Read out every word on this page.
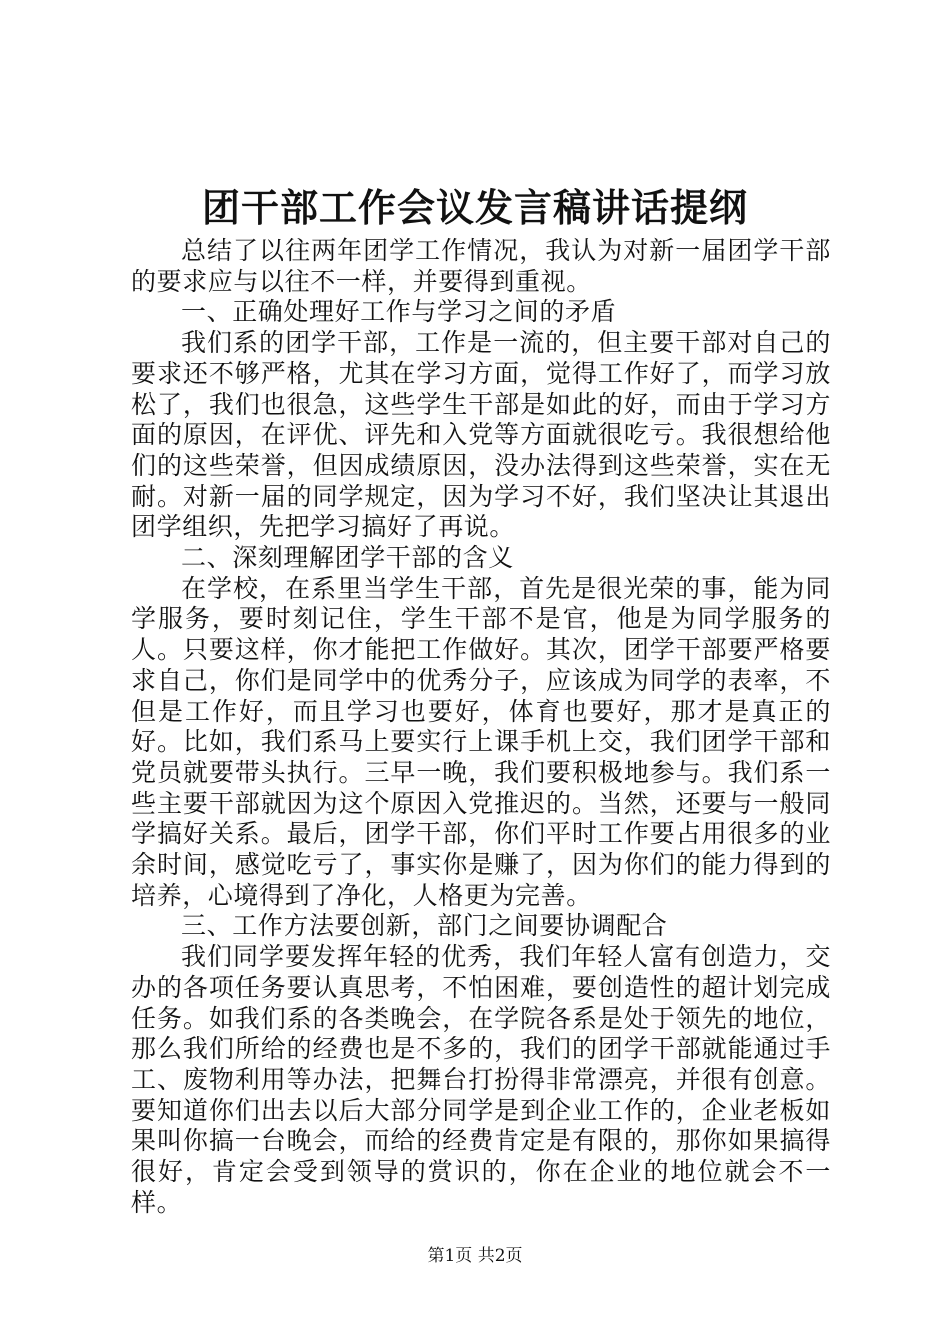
团干部工作会议发言稿讲话提纲

总结了以往两年团学工作情况，我认为对新一届团学干部的要求应与以往不一样，并要得到重视。

一、正确处理好工作与学习之间的矛盾

我们系的团学干部，工作是一流的，但主要干部对自己的要求还不够严格，尤其在学习方面，觉得工作好了，而学习放松了，我们也很急，这些学生干部是如此的好，而由于学习方面的原因，在评优、评先和入党等方面就很吃亏。我很想给他们的这些荣誉，但因成绩原因，没办法得到这些荣誉，实在无耐。对新一届的同学规定，因为学习不好，我们坚决让其退出团学组织，先把学习搞好了再说。

二、深刻理解团学干部的含义

在学校，在系里当学生干部，首先是很光荣的事，能为同学服务，要时刻记住，学生干部不是官，他是为同学服务的人。只要这样，你才能把工作做好。其次，团学干部要严格要求自己，你们是同学中的优秀分子，应该成为同学的表率，不但是工作好，而且学习也要好，体育也要好，那才是真正的好。比如，我们系马上要实行上课手机上交，我们团学干部和党员就要带头执行。三早一晚，我们要积极地参与。我们系一些主要干部就因为这个原因入党推迟的。当然，还要与一般同学搞好关系。最后，团学干部，你们平时工作要占用很多的业余时间，感觉吃亏了，事实你是赚了，因为你们的能力得到的培养，心境得到了净化，人格更为完善。

三、工作方法要创新，部门之间要协调配合

我们同学要发挥年轻的优秀，我们年轻人富有创造力，交办的各项任务要认真思考，不怕困难，要创造性的超计划完成任务。如我们系的各类晚会，在学院各系是处于领先的地位，那么我们所给的经费也是不多的，我们的团学干部就能通过手工、废物利用等办法，把舞台打扮得非常漂亮，并很有创意。要知道你们出去以后大部分同学是到企业工作的，企业老板如果叫你搞一台晚会，而给的经费肯定是有限的，那你如果搞得很好，肯定会受到领导的赏识的，你在企业的地位就会不一样。

第1页 共2页
